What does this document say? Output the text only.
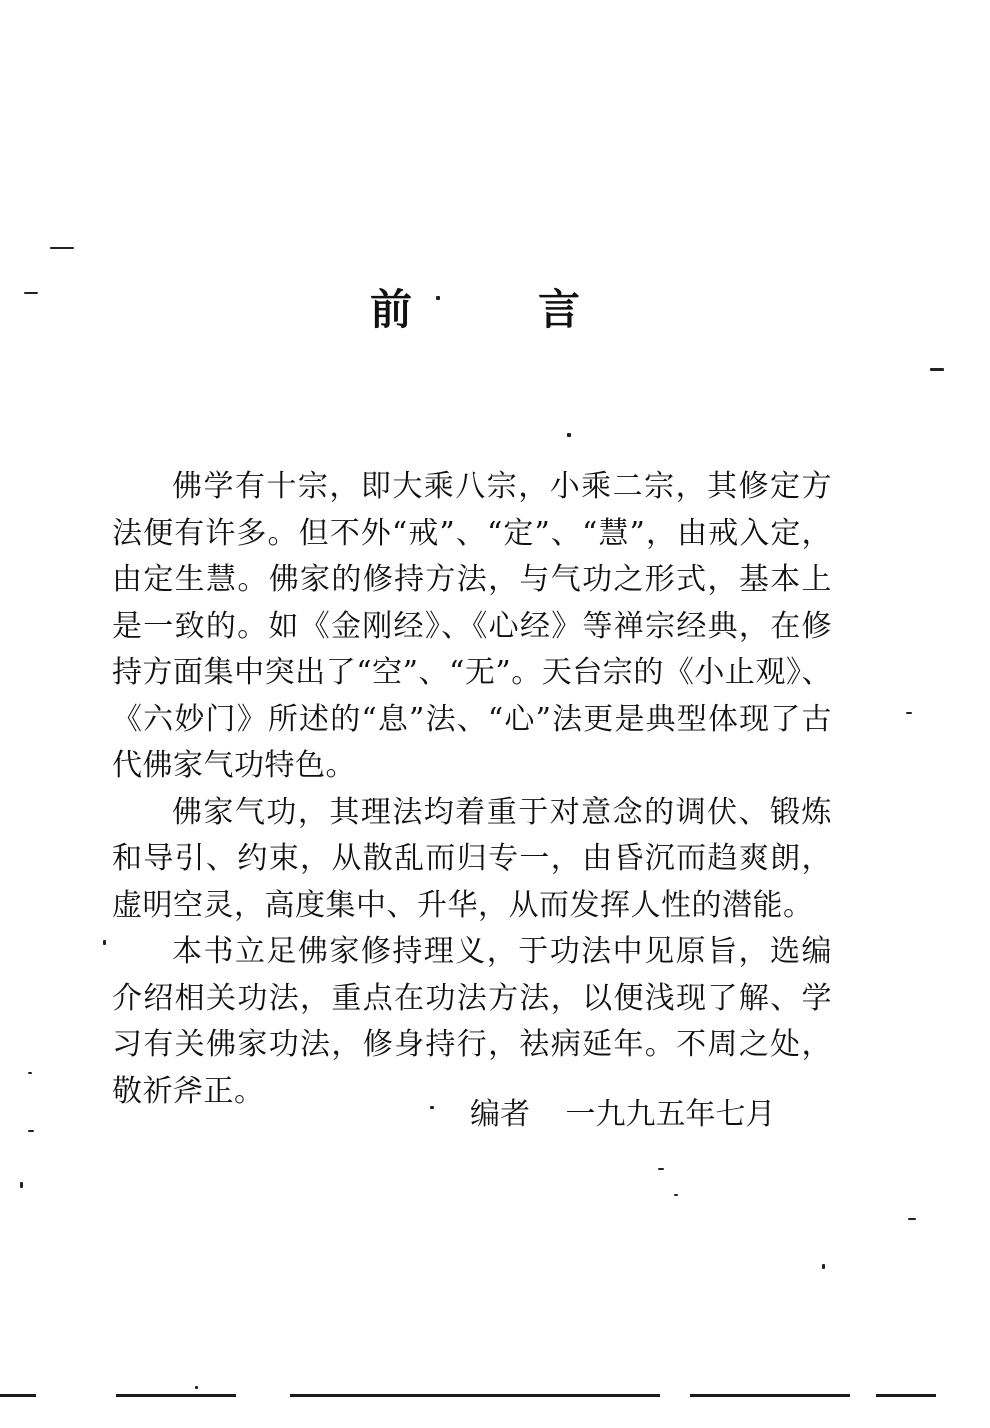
前	言

佛学有十宗，即大乘八宗，小乘二宗，其修定方法便有许多。但不外“戒”、“定”、“慧”，由戒入定，由定生慧。佛家的修持方法，与气功之形式，基本上是一致的。如《金刚经》、《心经》等禅宗经典，在修持方面集中突出了“空”、“无”。天台宗的《小止观》、《六妙门》所述的“息”法、“心”法更是典型体现了古代佛家气功特色。

佛家气功，其理法均着重于对意念的调伏、锻炼和导引、约束，从散乱而归专一，由昏沉而趋爽朗，虚明空灵，高度集中、升华，从而发挥人性的潜能。

本书立足佛家修持理义，于功法中见原旨，选编介绍相关功法，重点在功法方法，以便浅现了解、学习有关佛家功法，修身持行，祛病延年。不周之处，敬祈斧正。

编者 一九九五年七月
